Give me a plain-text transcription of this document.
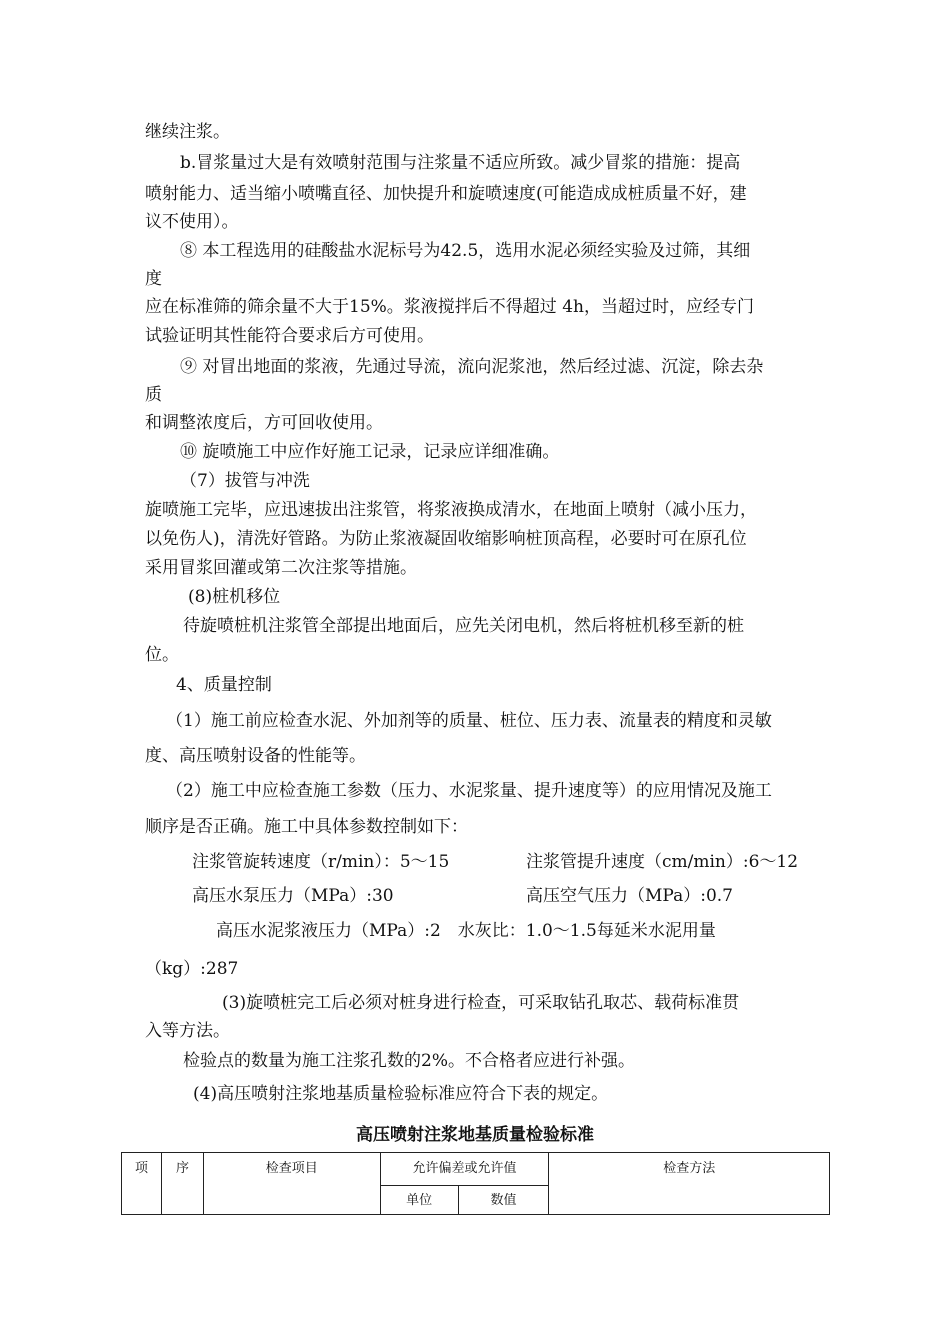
继续注浆。
b.冒浆量过大是有效喷射范围与注浆量不适应所致。减少冒浆的措施：提高
喷射能力、适当缩小喷嘴直径、加快提升和旋喷速度(可能造成成桩质量不好，建
议不使用）。
⑧ 本工程选用的硅酸盐水泥标号为42.5，选用水泥必须经实验及过筛，其细
度
应在标准筛的筛余量不大于15%。浆液搅拌后不得超过 4h，当超过时，应经专门
试验证明其性能符合要求后方可使用。
⑨ 对冒出地面的浆液，先通过导流，流向泥浆池，然后经过滤、沉淀，除去杂
质
和调整浓度后，方可回收使用。
⑩ 旋喷施工中应作好施工记录，记录应详细准确。
（7）拔管与冲洗
旋喷施工完毕，应迅速拔出注浆管，将浆液换成清水，在地面上喷射（减小压力，
以免伤人)，清洗好管路。为防止浆液凝固收缩影响桩顶高程，必要时可在原孔位
采用冒浆回灌或第二次注浆等措施。
(8)桩机移位
待旋喷桩机注浆管全部提出地面后，应先关闭电机，然后将桩机移至新的桩
位。
4、质量控制
（1）施工前应检查水泥、外加剂等的质量、桩位、压力表、流量表的精度和灵敏
度、高压喷射设备的性能等。
（2）施工中应检查施工参数（压力、水泥浆量、提升速度等）的应用情况及施工
顺序是否正确。施工中具体参数控制如下：
注浆管旋转速度（r/min）：5～15	注浆管提升速度（cm/min）:6～12
高压水泵压力（MPa）:30	高压空气压力（MPa）:0.7
高压水泥浆液压力（MPa）:2　水灰比：1.0～1.5每延米水泥用量
（kg）:287
(3)旋喷桩完工后必须对桩身进行检查，可采取钻孔取芯、载荷标准贯
入等方法。
检验点的数量为施工注浆孔数的2%。不合格者应进行补强。
(4)高压喷射注浆地基质量检验标准应符合下表的规定。
高压喷射注浆地基质量检验标准
项	序	检查项目	允许偏差或允许值		检查方法
			单位	数值	
